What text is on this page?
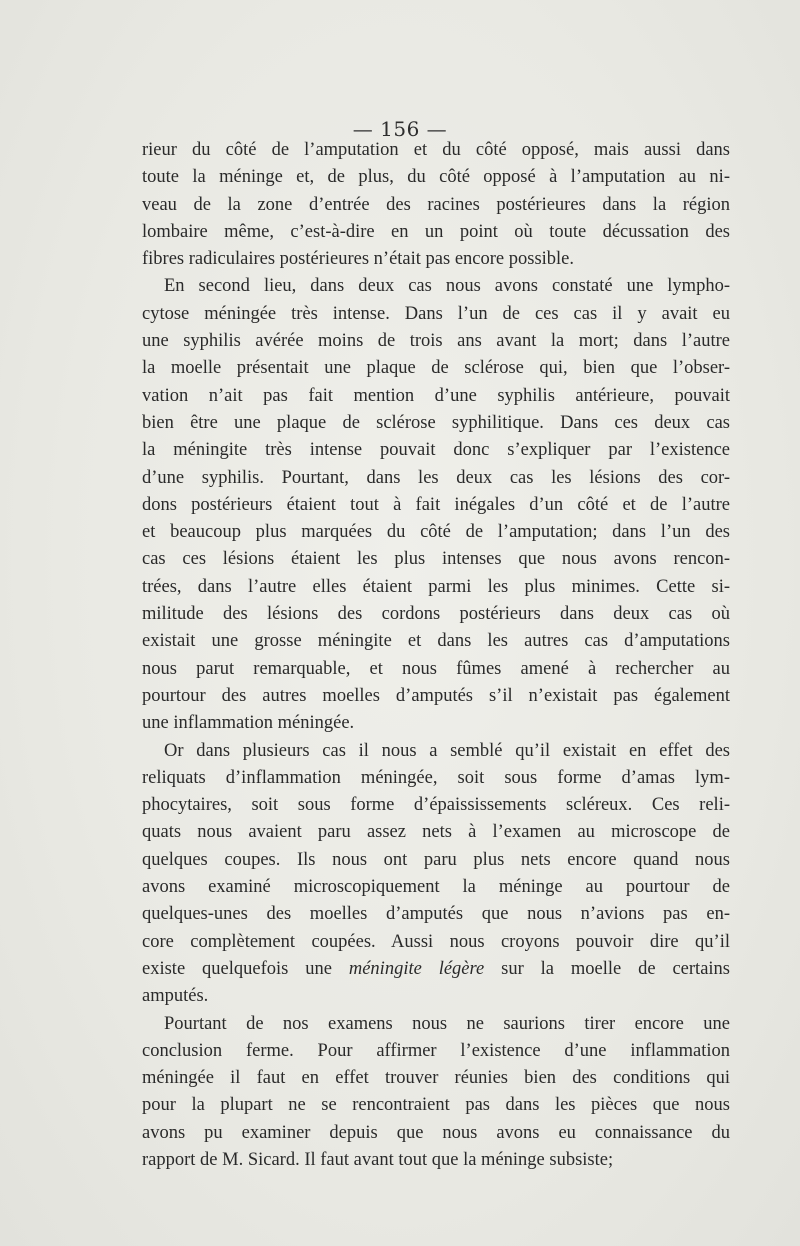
— 156 —
rieur du côté de l’amputation et du côté opposé, mais aussi dans
toute la méninge et, de plus, du côté opposé à l’amputation au ni-
veau de la zone d’entrée des racines postérieures dans la région
lombaire même, c’est-à-dire en un point où toute décussation des
fibres radiculaires postérieures n’était pas encore possible.
En second lieu, dans deux cas nous avons constaté une lympho-
cytose méningée très intense. Dans l’un de ces cas il y avait eu
une syphilis avérée moins de trois ans avant la mort; dans l’autre
la moelle présentait une plaque de sclérose qui, bien que l’obser-
vation n’ait pas fait mention d’une syphilis antérieure, pouvait
bien être une plaque de sclérose syphilitique. Dans ces deux cas
la méningite très intense pouvait donc s’expliquer par l’existence
d’une syphilis. Pourtant, dans les deux cas les lésions des cor-
dons postérieurs étaient tout à fait inégales d’un côté et de l’autre
et beaucoup plus marquées du côté de l’amputation; dans l’un des
cas ces lésions étaient les plus intenses que nous avons rencon-
trées, dans l’autre elles étaient parmi les plus minimes. Cette si-
militude des lésions des cordons postérieurs dans deux cas où
existait une grosse méningite et dans les autres cas d’amputations
nous parut remarquable, et nous fûmes amené à rechercher au
pourtour des autres moelles d’amputés s’il n’existait pas également
une inflammation méningée.
Or dans plusieurs cas il nous a semblé qu’il existait en effet des
reliquats d’inflammation méningée, soit sous forme d’amas lym-
phocytaires, soit sous forme d’épaississements scléreux. Ces reli-
quats nous avaient paru assez nets à l’examen au microscope de
quelques coupes. Ils nous ont paru plus nets encore quand nous
avons examiné microscopiquement la méninge au pourtour de
quelques-unes des moelles d’amputés que nous n’avions pas en-
core complètement coupées. Aussi nous croyons pouvoir dire qu’il
existe quelquefois une méningite légère sur la moelle de certains
amputés.
Pourtant de nos examens nous ne saurions tirer encore une
conclusion ferme. Pour affirmer l’existence d’une inflammation
méningée il faut en effet trouver réunies bien des conditions qui
pour la plupart ne se rencontraient pas dans les pièces que nous
avons pu examiner depuis que nous avons eu connaissance du
rapport de M. Sicard. Il faut avant tout que la méninge subsiste;
